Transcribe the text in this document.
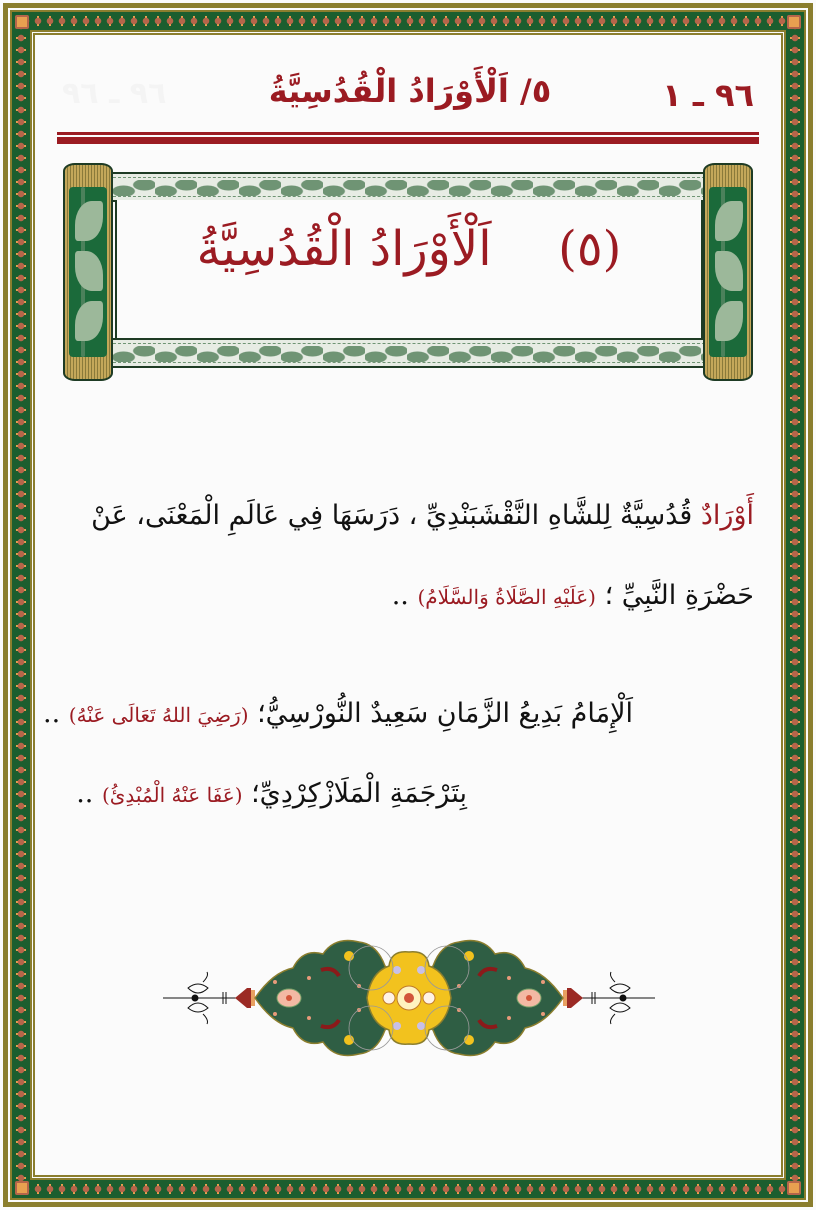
٩٦ ـ ٩٦	٥/ اَلْأَوْرَادُ الْقُدُسِيَّةُ	٩٦ ـ ١
(٥)  اَلْأَوْرَادُ الْقُدُسِيَّةُ
أَوْرَادٌ قُدُسِيَّةٌ لِلشَّاهِ النَّقْشَبَنْدِيِّ ، دَرَسَهَا فِي عَالَمِ الْمَعْنَى، عَنْ
حَضْرَةِ النَّبِيِّ ؛ (عَلَيْهِ الصَّلَاةُ وَالسَّلَامُ) ..
اَلْإِمَامُ بَدِيعُ الزَّمَانِ سَعِيدٌ النُّورْسِيُّ؛ (رَضِيَ اللهُ تَعَالَى عَنْهُ) ..
بِتَرْجَمَةِ الْمَلَازْكِرْدِيِّ؛ (عَفَا عَنْهُ الْمُبْدِئُ) ..
